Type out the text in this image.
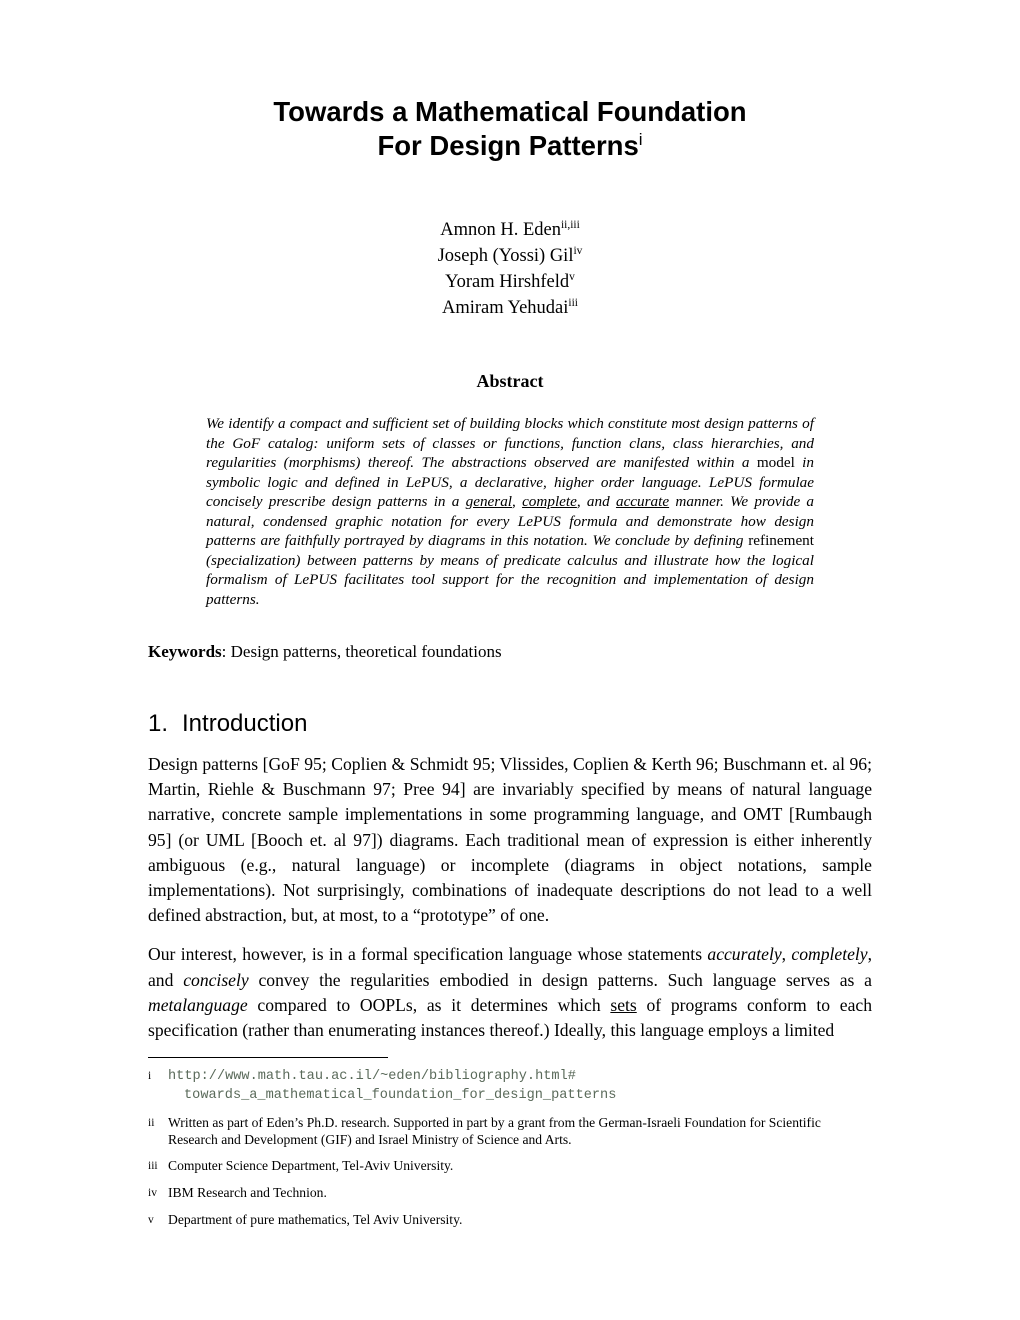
Towards a Mathematical Foundation
For Design Patterns$^i$
Amnon H. Eden$^{ii,iii}$
Joseph (Yossi) Gil$^{iv}$
Yoram Hirshfeld$^v$
Amiram Yehudai$^{iii}$
Abstract
We identify a compact and sufficient set of building blocks which constitute most design patterns of the GoF catalog: uniform sets of classes or functions, function clans, class hierarchies, and regularities (morphisms) thereof. The abstractions observed are manifested within a model in symbolic logic and defined in LePUS, a declarative, higher order language. LePUS formulae concisely prescribe design patterns in a general, complete, and accurate manner. We provide a natural, condensed graphic notation for every LePUS formula and demonstrate how design patterns are faithfully portrayed by diagrams in this notation. We conclude by defining refinement (specialization) between patterns by means of predicate calculus and illustrate how the logical formalism of LePUS facilitates tool support for the recognition and implementation of design patterns.
Keywords: Design patterns, theoretical foundations
1. Introduction

Design patterns [GoF 95; Coplien & Schmidt 95; Vlissides, Coplien & Kerth 96; Buschmann et. al 96; Martin, Riehle & Buschmann 97; Pree 94] are invariably specified by means of natural language narrative, concrete sample implementations in some programming language, and OMT [Rumbaugh 95] (or UML [Booch et. al 97]) diagrams. Each traditional mean of expression is either inherently ambiguous (e.g., natural language) or incomplete (diagrams in object notations, sample implementations). Not surprisingly, combinations of inadequate descriptions do not lead to a well defined abstraction, but, at most, to a “prototype” of one.

Our interest, however, is in a formal specification language whose statements accurately, completely, and concisely convey the regularities embodied in design patterns. Such language serves as a metalanguage compared to OOPLs, as it determines which sets of programs conform to each specification (rather than enumerating instances thereof.) Ideally, this language employs a limited

i	http://www.math.tau.ac.il/~eden/bibliography.html#
towards_a_mathematical_foundation_for_design_patterns
ii	Written as part of Eden’s Ph.D. research. Supported in part by a grant from the German-Israeli Foundation for Scientific Research and Development (GIF) and Israel Ministry of Science and Arts.
iii Computer Science Department, Tel-Aviv University.
iv IBM Research and Technion.
v	Department of pure mathematics, Tel Aviv University.
